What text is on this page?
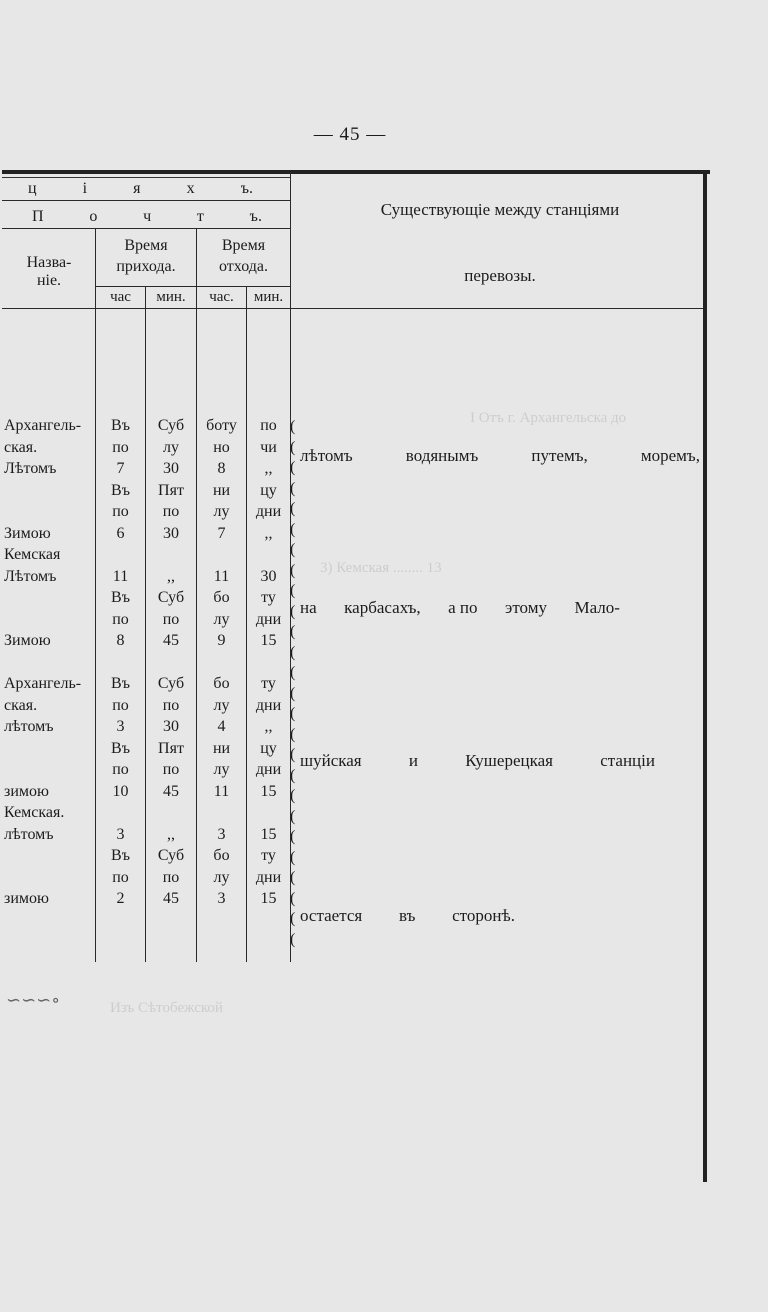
— 45 —
ц	і	я	х	ъ.
П	о	ч	т	ъ.
Назва-
ніе.
Время
прихода.
Время
отхода.
час	мин.	час.	мин.
Существующіе между станціями
перевозы.
I Отъ г. Архангельска до
3) Кемская ........ 13
Изъ Сѣтобежской
Архангель-	Въ	Суб	боту	по
ская.	по	лу	но	чи
Лѣтомъ	7	30	8	,,
Въ	Пят	ни	цу
по	по	лу	дни
Зимою	6	30	7	,,
Кемская
Лѣтомъ	11	,,	11	30
Въ	Суб	бо	ту
по	по	лу	дни
Зимою	8	45	9	15
Архангель-	Въ	Суб	бо	ту
ская.	по	по	лу	дни
лѣтомъ	3	30	4	,,
Въ	Пят	ни	цу
по	по	лу	дни
зимою	10	45	11	15
Кемская.
лѣтомъ	3	,,	3	15
Въ	Суб	бо	ту
по	по	лу	дни
зимою	2	45	3	15
лѣтомъ	водянымъ	путемъ,	моремъ,
на карбасахъ, а по этому Мало-
шуйская	и	Кушерецкая	станціи
остается въ сторонѣ.
(
(
(
(
(
(
(
(
(
(
(
(
(
(
(
(
(
(
(
(
(
(
(
(
(
(
∽∽∽∘
